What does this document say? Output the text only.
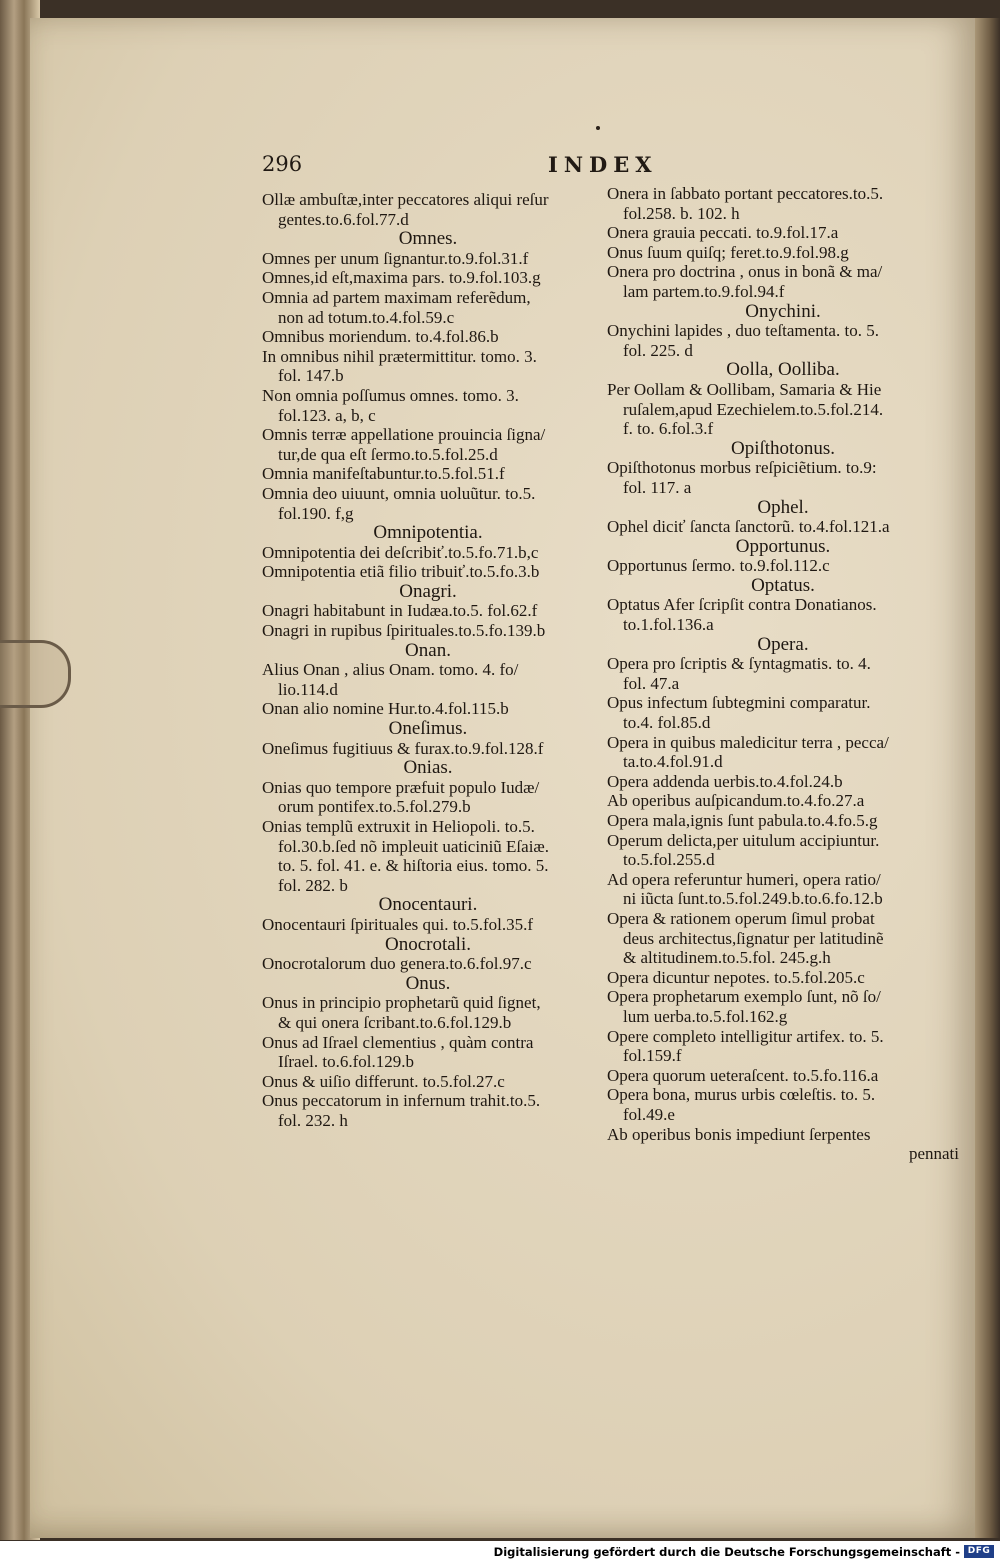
296	INDEX
Ollæ ambuſtæ,inter peccatores aliqui reſur
gentes.to.6.fol.77.d
Omnes.
Omnes per unum ſignantur.to.9.fol.31.f
Omnes,id eſt,maxima pars. to.9.fol.103.g
Omnia ad partem maximam referẽdum,
non ad totum.to.4.fol.59.c
Omnibus moriendum. to.4.fol.86.b
In omnibus nihil prætermittitur. tomo. 3.
fol. 147.b
Non omnia poſſumus omnes. tomo. 3.
fol.123. a, b, c
Omnis terræ appellatione prouincia ſigna/
tur,de qua eſt ſermo.to.5.fol.25.d
Omnia manifeſtabuntur.to.5.fol.51.f
Omnia deo uiuunt, omnia uoluũtur. to.5.
fol.190. f,g
Omnipotentia.
Omnipotentia dei deſcribiť.to.5.fo.71.b,c
Omnipotentia etiã filio tribuiť.to.5.fo.3.b
Onagri.
Onagri habitabunt in Iudæa.to.5. fol.62.f
Onagri in rupibus ſpirituales.to.5.fo.139.b
Onan.
Alius Onan , alius Onam. tomo. 4. fo/
lio.114.d
Onan alio nomine Hur.to.4.fol.115.b
Oneſimus.
Oneſimus fugitiuus & furax.to.9.fol.128.f
Onias.
Onias quo tempore præfuit populo Iudæ/
orum pontifex.to.5.fol.279.b
Onias templũ extruxit in Heliopoli. to.5.
fol.30.b.ſed nõ impleuit uaticiniũ Eſaiæ.
to. 5. fol. 41. e. & hiſtoria eius. tomo. 5.
fol. 282. b
Onocentauri.
Onocentauri ſpirituales qui. to.5.fol.35.f
Onocrotali.
Onocrotalorum duo genera.to.6.fol.97.c
Onus.
Onus in principio prophetarũ quid ſignet,
& qui onera ſcribant.to.6.fol.129.b
Onus ad Iſrael clementius , quàm contra
Iſrael. to.6.fol.129.b
Onus & uiſio differunt. to.5.fol.27.c
Onus peccatorum in infernum trahit.to.5.
fol. 232. h
Onera in ſabbato portant peccatores.to.5.
fol.258. b. 102. h
Onera grauia peccati. to.9.fol.17.a
Onus ſuum quiſq; feret.to.9.fol.98.g
Onera pro doctrina , onus in bonã & ma/
lam partem.to.9.fol.94.f
Onychini.
Onychini lapides , duo teſtamenta. to. 5.
fol. 225. d
Oolla, Oolliba.
Per Oollam & Oollibam, Samaria & Hie
ruſalem,apud Ezechielem.to.5.fol.214.
f. to. 6.fol.3.f
Opiſthotonus.
Opiſthotonus morbus reſpiciẽtium. to.9:
fol. 117. a
Ophel.
Ophel diciť ſancta ſanctorũ. to.4.fol.121.a
Opportunus.
Opportunus ſermo. to.9.fol.112.c
Optatus.
Optatus Afer ſcripſit contra Donatianos.
to.1.fol.136.a
Opera.
Opera pro ſcriptis & ſyntagmatis. to. 4.
fol. 47.a
Opus infectum ſubtegmini comparatur.
to.4. fol.85.d
Opera in quibus maledicitur terra , pecca/
ta.to.4.fol.91.d
Opera addenda uerbis.to.4.fol.24.b
Ab operibus auſpicandum.to.4.fo.27.a
Opera mala,ignis ſunt pabula.to.4.fo.5.g
Operum delicta,per uitulum accipiuntur.
to.5.fol.255.d
Ad opera referuntur humeri, opera ratio/
ni iũcta ſunt.to.5.fol.249.b.to.6.fo.12.b
Opera & rationem operum ſimul probat
deus architectus,ſignatur per latitudinẽ
& altitudinem.to.5.fol. 245.g.h
Opera dicuntur nepotes. to.5.fol.205.c
Opera prophetarum exemplo ſunt, nõ ſo/
lum uerba.to.5.fol.162.g
Opere completo intelligitur artifex. to. 5.
fol.159.f
Opera quorum ueteraſcent. to.5.fo.116.a
Opera bona, murus urbis cœleſtis. to. 5.
fol.49.e
Ab operibus bonis impediunt ſerpentes
pennati
Digitalisierung gefördert durch die Deutsche Forschungsgemeinschaft - DFG
